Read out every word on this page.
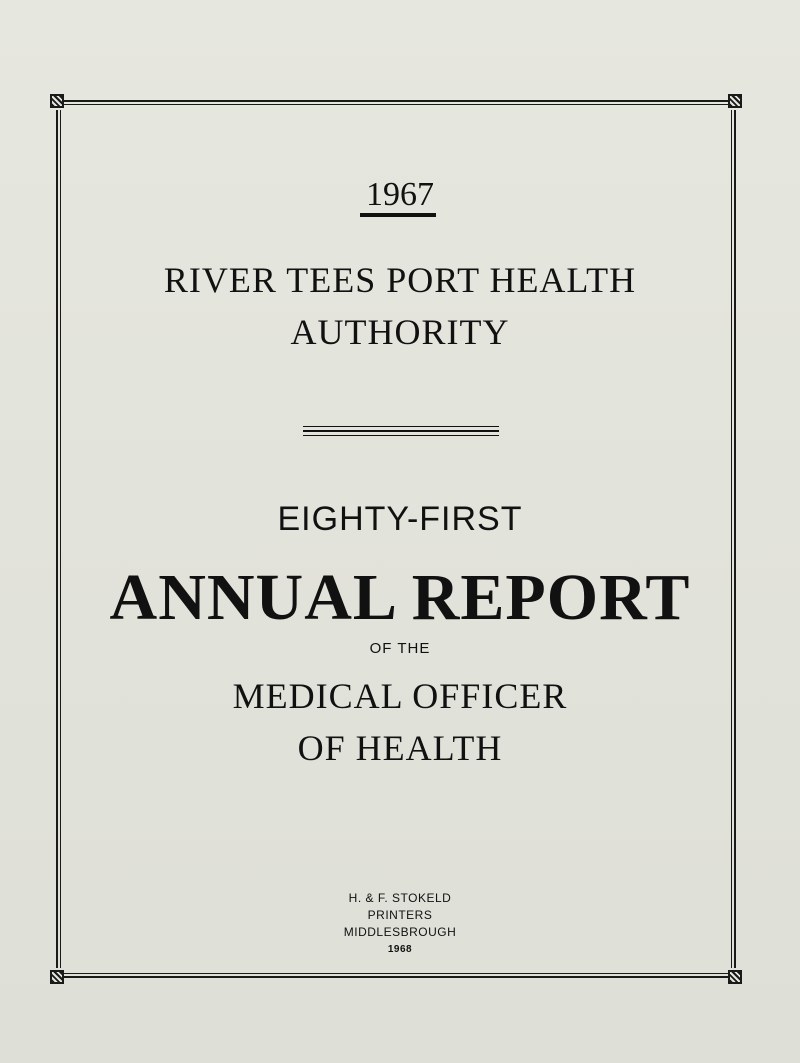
1967
RIVER TEES PORT HEALTH
AUTHORITY
EIGHTY-FIRST
ANNUAL REPORT
OF THE
MEDICAL OFFICER
OF HEALTH
H. & F. STOKELD
PRINTERS
MIDDLESBROUGH
1968
